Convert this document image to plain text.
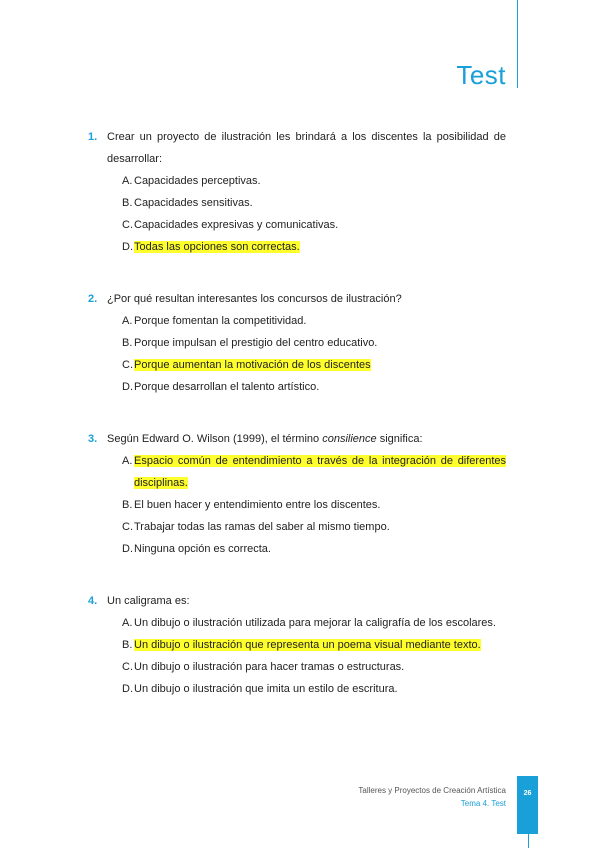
Test
1. Crear un proyecto de ilustración les brindará a los discentes la posibilidad de desarrollar:
A. Capacidades perceptivas.
B. Capacidades sensitivas.
C. Capacidades expresivas y comunicativas.
D. Todas las opciones son correctas.
2. ¿Por qué resultan interesantes los concursos de ilustración?
A. Porque fomentan la competitividad.
B. Porque impulsan el prestigio del centro educativo.
C. Porque aumentan la motivación de los discentes
D. Porque desarrollan el talento artístico.
3. Según Edward O. Wilson (1999), el término consilience significa:
A. Espacio común de entendimiento a través de la integración de diferentes disciplinas.
B. El buen hacer y entendimiento entre los discentes.
C. Trabajar todas las ramas del saber al mismo tiempo.
D. Ninguna opción es correcta.
4. Un caligrama es:
A. Un dibujo o ilustración utilizada para mejorar la caligrafía de los escolares.
B. Un dibujo o ilustración que representa un poema visual mediante texto.
C. Un dibujo o ilustración para hacer tramas o estructuras.
D. Un dibujo o ilustración que imita un estilo de escritura.
Talleres y Proyectos de Creación Artística
Tema 4. Test
26
